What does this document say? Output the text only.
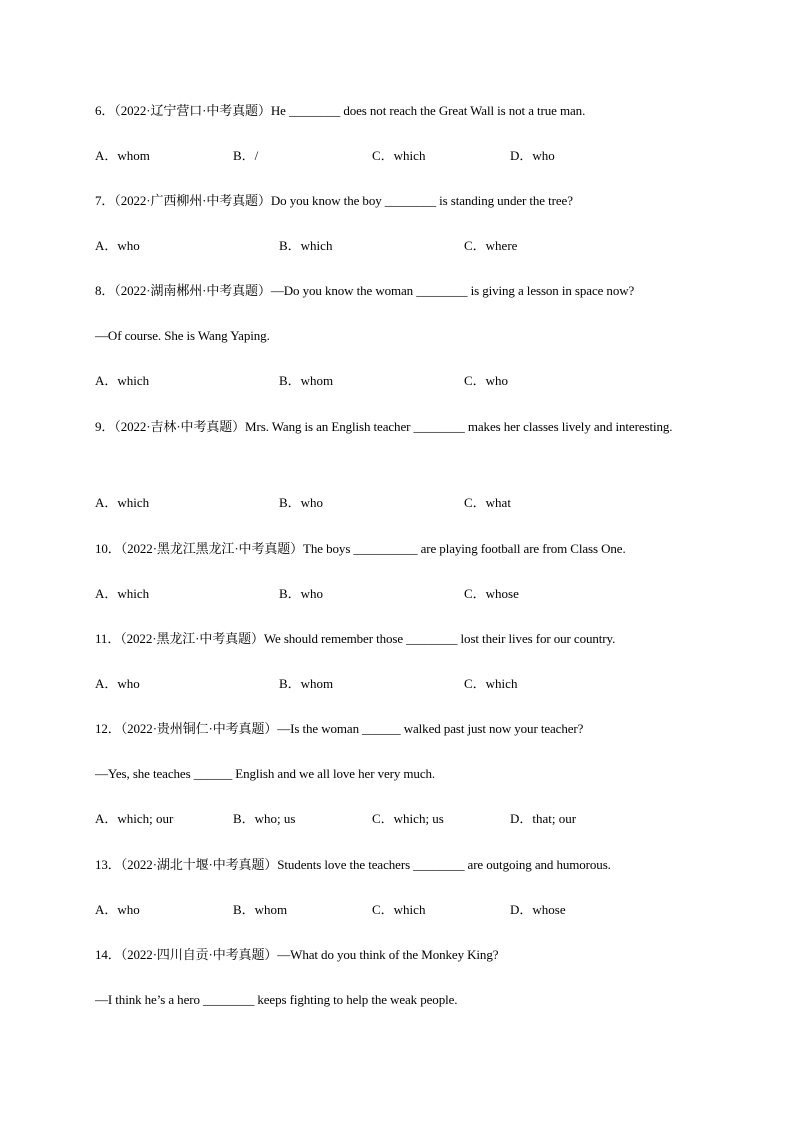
6．（2022·辽宁营口·中考真题）He ________ does not reach the Great Wall is not a true man.
A．whom	B．/	C．which	D．who
7．（2022·广西柳州·中考真题）Do you know the boy ________ is standing under the tree?
A．who	B．which	C．where
8．（2022·湖南郴州·中考真题）—Do you know the woman ________ is giving a lesson in space now?
—Of course. She is Wang Yaping.
A．which	B．whom	C．who
9．（2022·吉林·中考真题）Mrs. Wang is an English teacher ________ makes her classes lively and interesting.
A．which	B．who	C．what
10．（2022·黑龙江黑龙江·中考真题）The boys __________ are playing football are from Class One.
A．which	B．who	C．whose
11．（2022·黑龙江·中考真题）We should remember those ________ lost their lives for our country.
A．who	B．whom	C．which
12．（2022·贵州铜仁·中考真题）—Is the woman ______ walked past just now your teacher?
—Yes, she teaches ______ English and we all love her very much.
A．which; our	B．who; us	C．which; us	D．that; our
13．（2022·湖北十堰·中考真题）Students love the teachers ________ are outgoing and humorous.
A．who	B．whom	C．which	D．whose
14．（2022·四川自贡·中考真题）—What do you think of the Monkey King?
—I think he’s a hero ________ keeps fighting to help the weak people.
